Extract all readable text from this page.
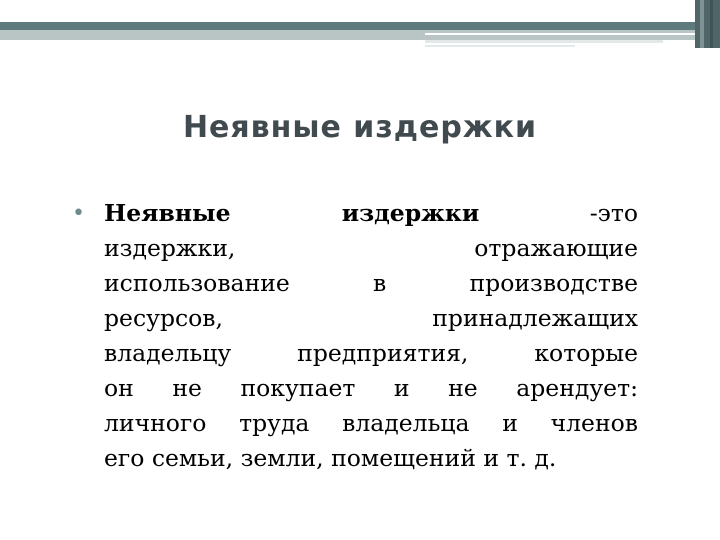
Неявные издержки
• Неявные издержки	-это
издержки, отражающие
использование в производстве
ресурсов, принадлежащих
владельцу предприятия, которые
он не покупает и не арендует:
личного труда владельца и членов
его семьи, земли, помещений и т. д.
